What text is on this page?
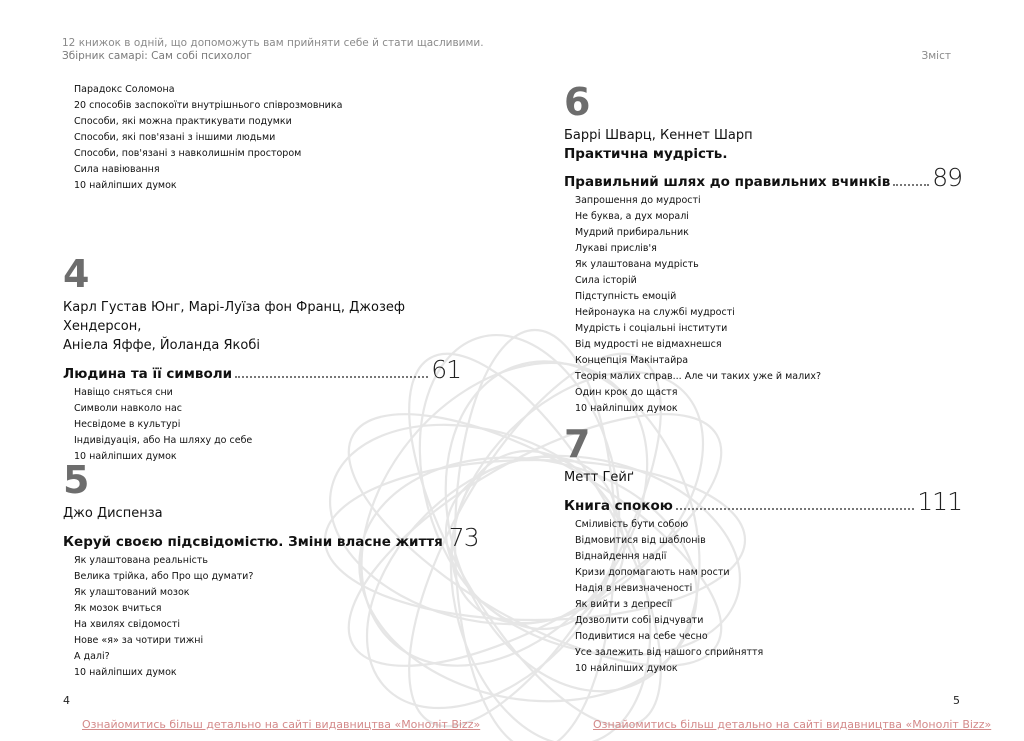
12 книжок в одній, що допоможуть вам прийняти себе й стати щасливими.
Збірник самарі: Сам собі психолог	Зміст
Парадокс Соломона
20 способів заспокоїти внутрішнього співрозмовника
Способи, які можна практикувати подумки
Способи, які пов'язані з іншими людьми
Способи, пов'язані з навколишнім простором
Сила навіювання
10 найліпших думок
4
Карл Густав Юнг, Марі-Луїза фон Франц, Джозеф Хендерсон,
Аніела Яффе, Йоланда Якобі
Людина та її символи	61
Навіщо сняться сни
Символи навколо нас
Несвідоме в культурі
Індивідуація, або На шляху до себе
10 найліпших думок
5
Джо Диспенза
Керуй своєю підсвідомістю. Зміни власне життя 73
Як улаштована реальність
Велика трійка, або Про що думати?
Як улаштований мозок
Як мозок вчиться
На хвилях свідомості
Нове «я» за чотири тижні
А далі?
10 найліпших думок
4
Ознайомитись більш детально на сайті видавництва «Моноліт Bizz»
6
Баррі Шварц, Кеннет Шарп
Практична мудрість.
Правильний шлях до правильних вчинків 89
Запрошення до мудрості
Не буква, а дух моралі
Мудрий прибиральник
Лукаві прислів'я
Як улаштована мудрість
Сила історій
Підступність емоцій
Нейронаука на службі мудрості
Мудрість і соціальні інститути
Від мудрості не відмахнешся
Концепція Макінтайра
Теорія малих справ... Але чи таких уже й малих?
Один крок до щастя
10 найліпших думок
7
Метт Гейґ
Книга спокою	111
Сміливість бути собою
Відмовитися від шаблонів
Віднайдення надії
Кризи допомагають нам рости
Надія в невизначеності
Як вийти з депресії
Дозволити собі відчувати
Подивитися на себе чесно
Усе залежить від нашого сприйняття
10 найліпших думок
5
Ознайомитись більш детально на сайті видавництва «Моноліт Bizz»
